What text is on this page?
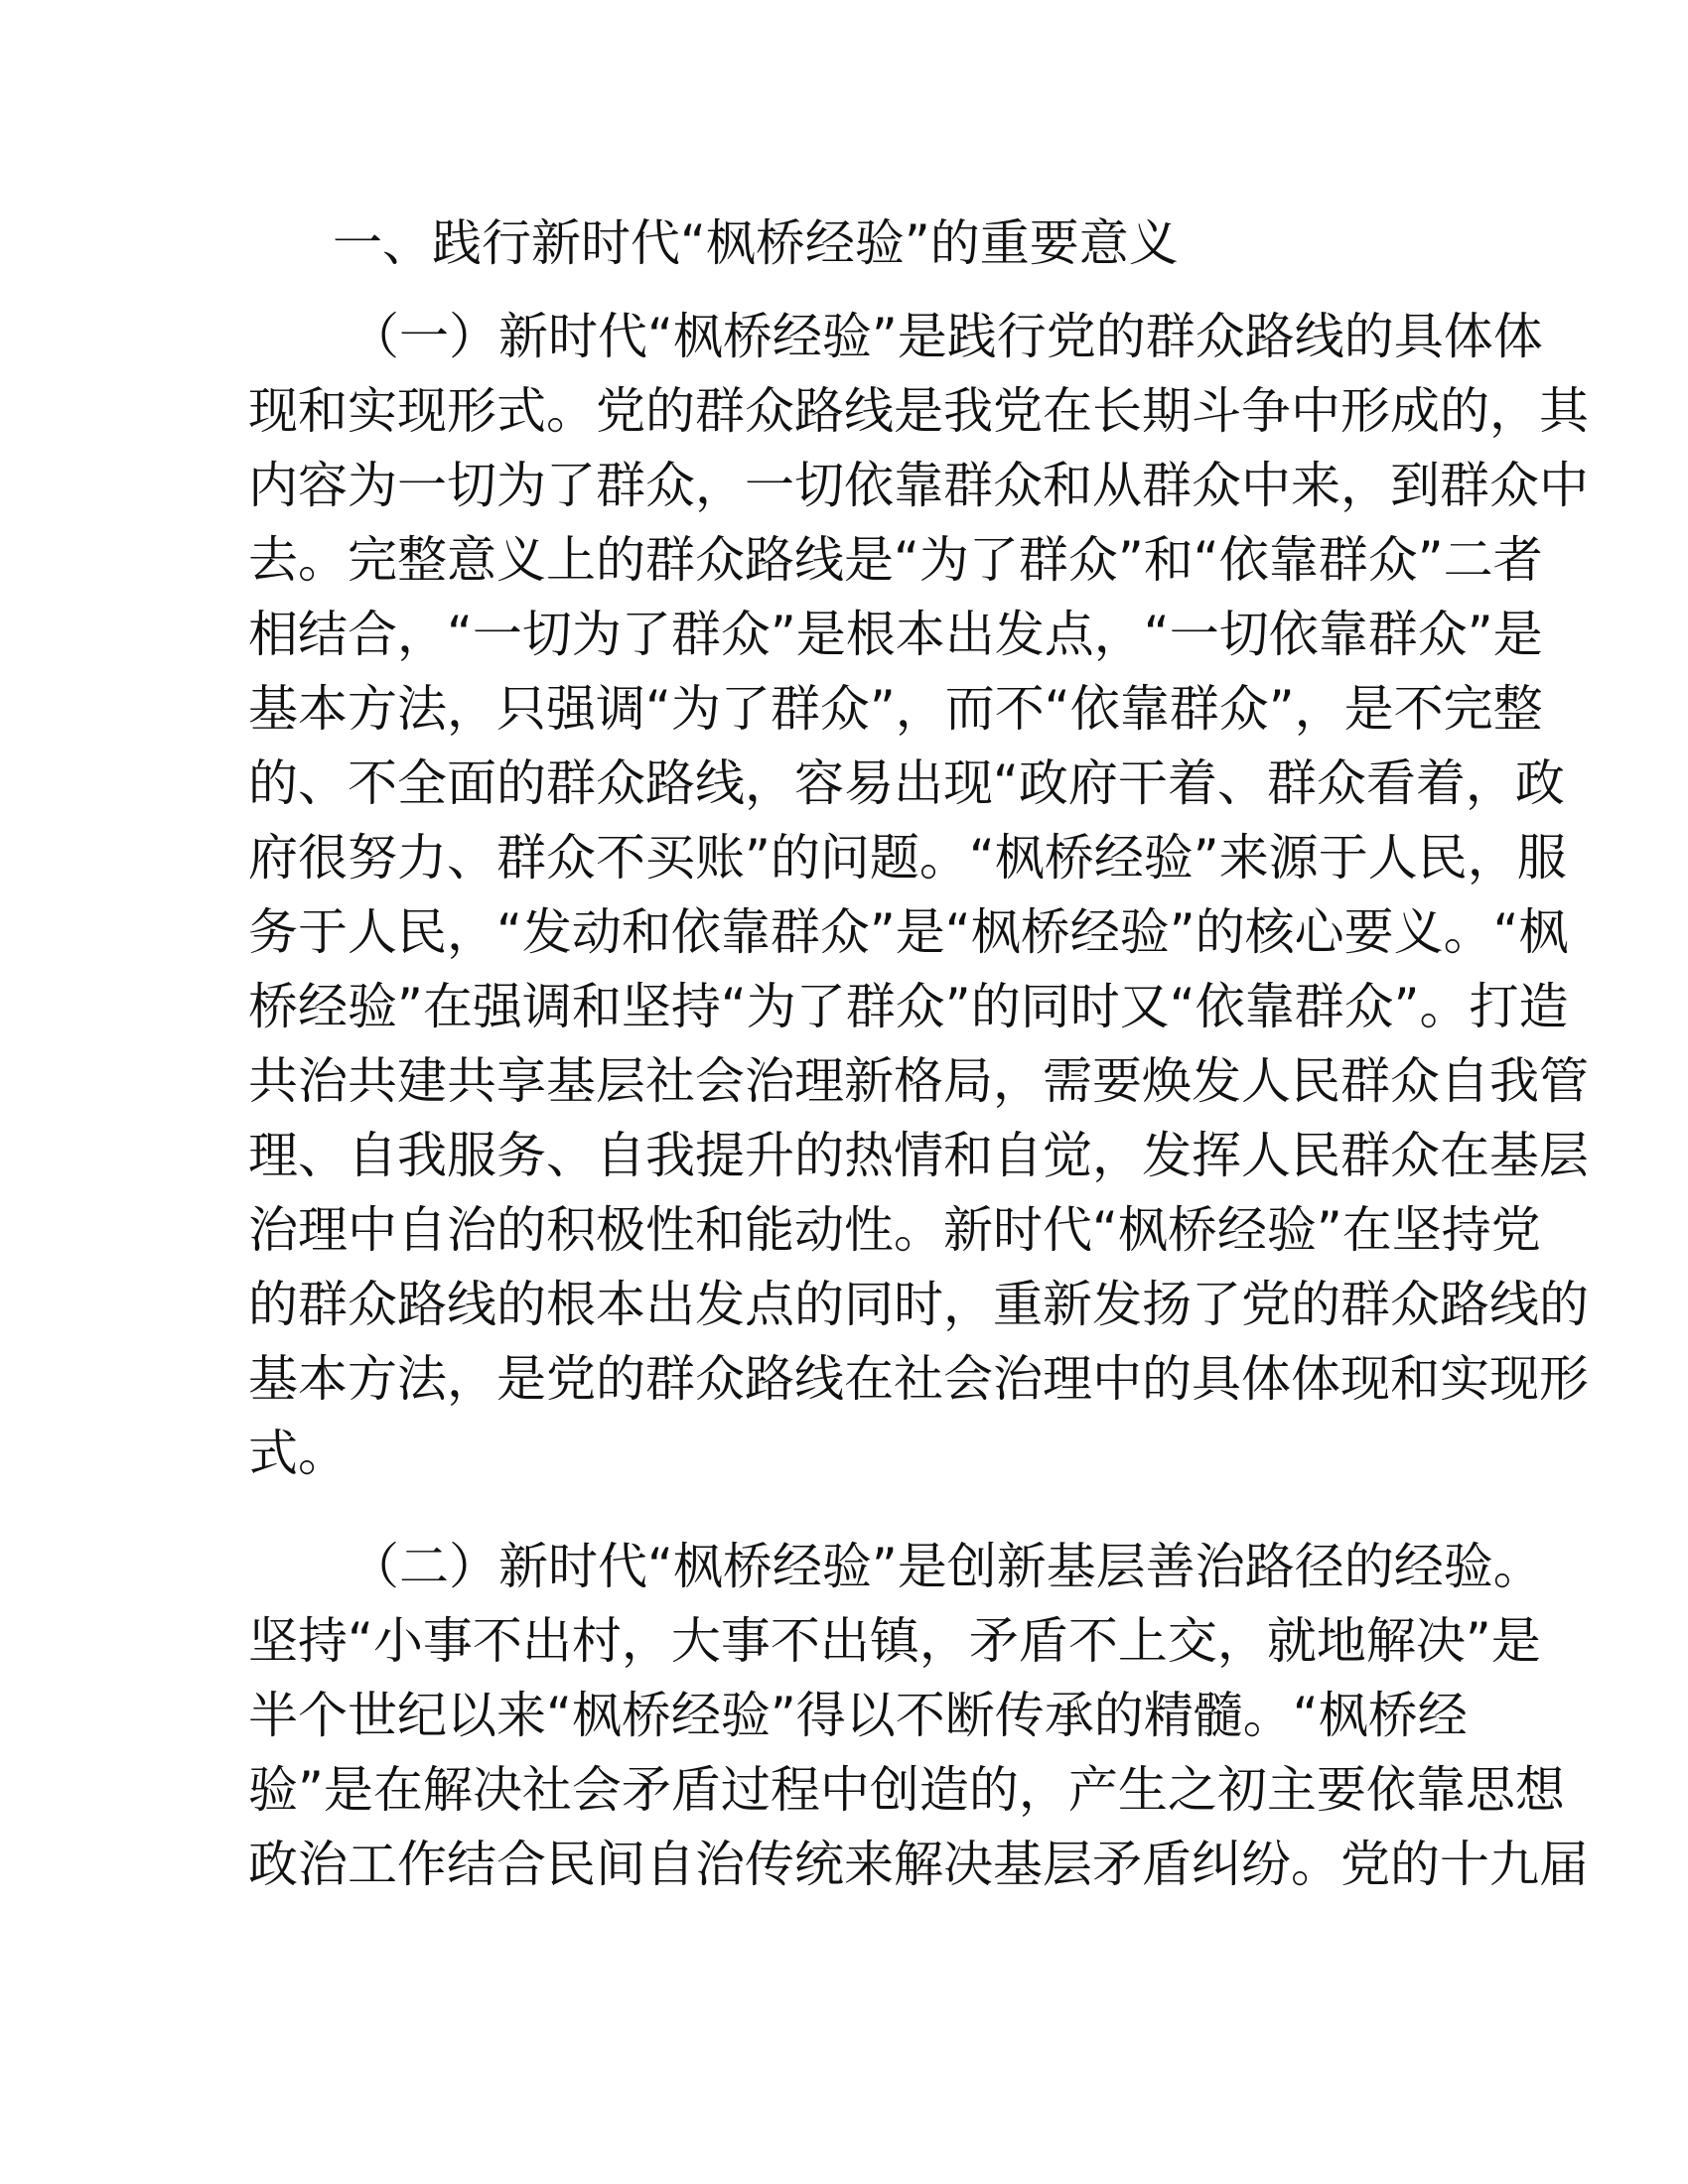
一、践行新时代“枫桥经验”的重要意义
（一）新时代“枫桥经验”是践行党的群众路线的具体体
现和实现形式。党的群众路线是我党在长期斗争中形成的，其
内容为一切为了群众，一切依靠群众和从群众中来，到群众中
去。完整意义上的群众路线是“为了群众”和“依靠群众”二者
相结合，“一切为了群众”是根本出发点，“一切依靠群众”是
基本方法，只强调“为了群众”，而不“依靠群众”，是不完整
的、不全面的群众路线，容易出现“政府干着、群众看着，政
府很努力、群众不买账”的问题。“枫桥经验”来源于人民，服
务于人民，“发动和依靠群众”是“枫桥经验”的核心要义。“枫
桥经验”在强调和坚持“为了群众”的同时又“依靠群众”。打造
共治共建共享基层社会治理新格局，需要焕发人民群众自我管
理、自我服务、自我提升的热情和自觉，发挥人民群众在基层
治理中自治的积极性和能动性。新时代“枫桥经验”在坚持党
的群众路线的根本出发点的同时，重新发扬了党的群众路线的
基本方法，是党的群众路线在社会治理中的具体体现和实现形
式。
（二）新时代“枫桥经验”是创新基层善治路径的经验。
坚持“小事不出村，大事不出镇，矛盾不上交，就地解决”是
半个世纪以来“枫桥经验”得以不断传承的精髓。“枫桥经
验”是在解决社会矛盾过程中创造的，产生之初主要依靠思想
政治工作结合民间自治传统来解决基层矛盾纠纷。党的十九届
